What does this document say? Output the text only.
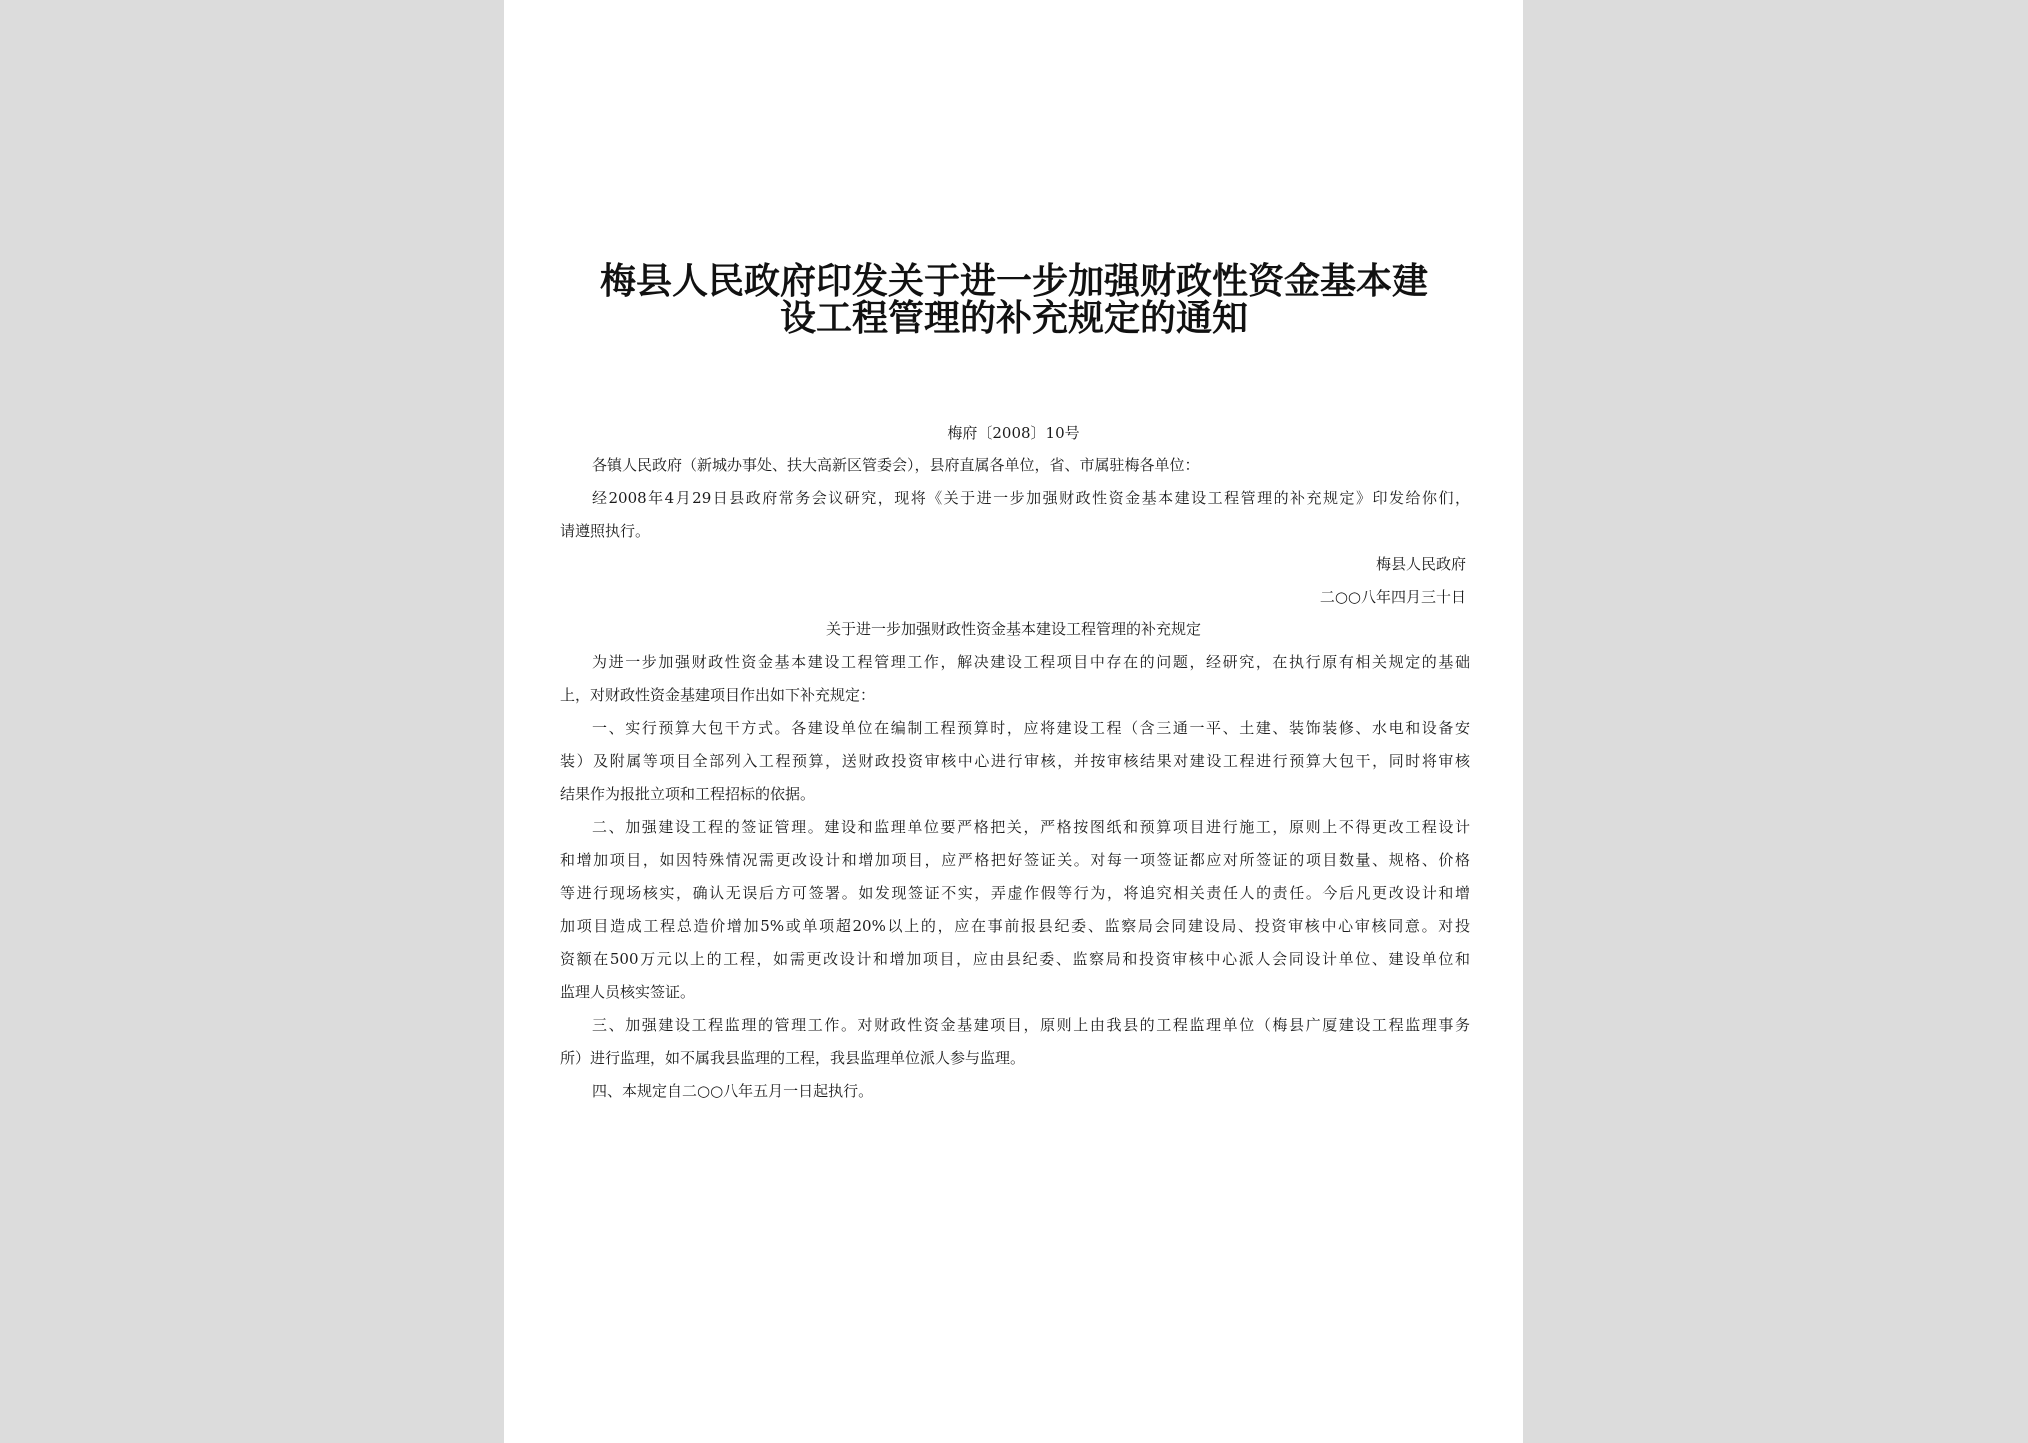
梅县人民政府印发关于进一步加强财政性资金基本建
设工程管理的补充规定的通知
梅府〔2008〕10号
各镇人民政府（新城办事处、扶大高新区管委会），县府直属各单位，省、市属驻梅各单位：
经2008年4月29日县政府常务会议研究，现将《关于进一步加强财政性资金基本建设工程管理的补充规定》印发给你们，
请遵照执行。
梅县人民政府
二○○八年四月三十日
关于进一步加强财政性资金基本建设工程管理的补充规定
为进一步加强财政性资金基本建设工程管理工作，解决建设工程项目中存在的问题，经研究，在执行原有相关规定的基础
上，对财政性资金基建项目作出如下补充规定：
一、实行预算大包干方式。各建设单位在编制工程预算时，应将建设工程（含三通一平、土建、装饰装修、水电和设备安
装）及附属等项目全部列入工程预算，送财政投资审核中心进行审核，并按审核结果对建设工程进行预算大包干，同时将审核
结果作为报批立项和工程招标的依据。
二、加强建设工程的签证管理。建设和监理单位要严格把关，严格按图纸和预算项目进行施工，原则上不得更改工程设计
和增加项目，如因特殊情况需更改设计和增加项目，应严格把好签证关。对每一项签证都应对所签证的项目数量、规格、价格
等进行现场核实，确认无误后方可签署。如发现签证不实，弄虚作假等行为，将追究相关责任人的责任。今后凡更改设计和增
加项目造成工程总造价增加5%或单项超20%以上的，应在事前报县纪委、监察局会同建设局、投资审核中心审核同意。对投
资额在500万元以上的工程，如需更改设计和增加项目，应由县纪委、监察局和投资审核中心派人会同设计单位、建设单位和
监理人员核实签证。
三、加强建设工程监理的管理工作。对财政性资金基建项目，原则上由我县的工程监理单位（梅县广厦建设工程监理事务
所）进行监理，如不属我县监理的工程，我县监理单位派人参与监理。
四、本规定自二○○八年五月一日起执行。
